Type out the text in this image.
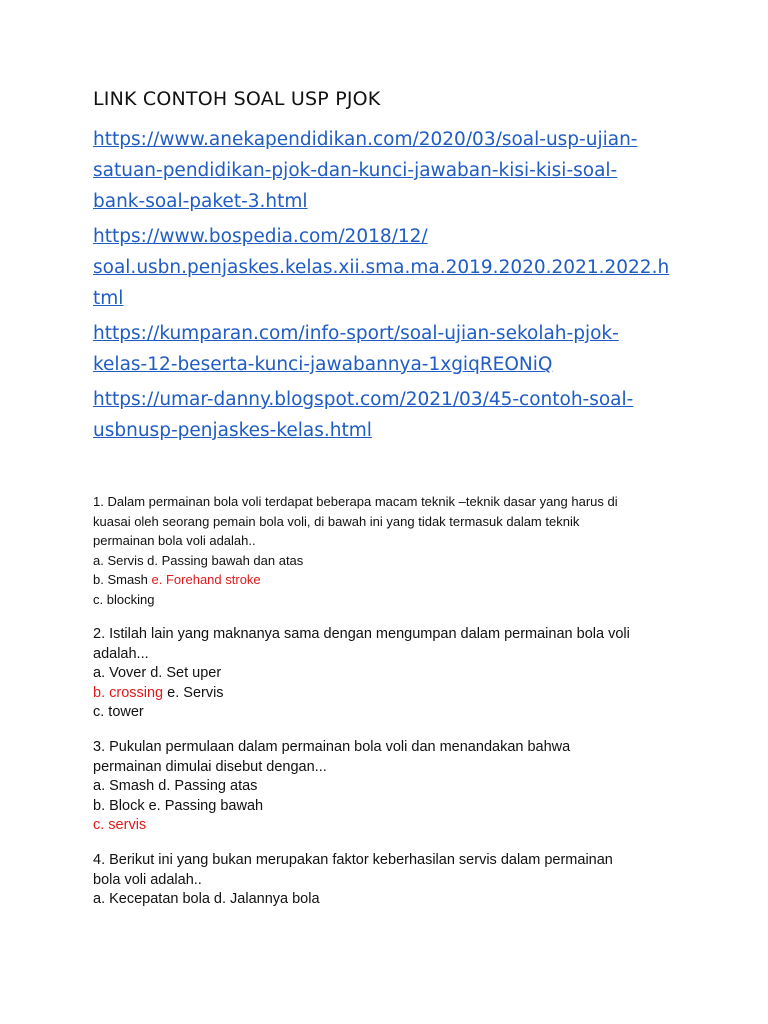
LINK CONTOH SOAL USP PJOK
https://www.anekapendidikan.com/2020/03/soal-usp-ujian-
satuan-pendidikan-pjok-dan-kunci-jawaban-kisi-kisi-soal-
bank-soal-paket-3.html
https://www.bospedia.com/2018/12/
soal.usbn.penjaskes.kelas.xii.sma.ma.2019.2020.2021.2022.h
tml
https://kumparan.com/info-sport/soal-ujian-sekolah-pjok-
kelas-12-beserta-kunci-jawabannya-1xgiqREONiQ
https://umar-danny.blogspot.com/2021/03/45-contoh-soal-
usbnusp-penjaskes-kelas.html
1. Dalam permainan bola voli terdapat beberapa macam teknik –teknik dasar yang harus di
kuasai oleh seorang pemain bola voli, di bawah ini yang tidak termasuk dalam teknik
permainan bola voli adalah..
a. Servis d. Passing bawah dan atas
b. Smash e. Forehand stroke
c. blocking
2. Istilah lain yang maknanya sama dengan mengumpan dalam permainan bola voli
adalah...
a. Vover d. Set uper
b. crossing e. Servis
c. tower
3. Pukulan permulaan dalam permainan bola voli dan menandakan bahwa
permainan dimulai disebut dengan...
a. Smash d. Passing atas
b. Block e. Passing bawah
c. servis
4. Berikut ini yang bukan merupakan faktor keberhasilan servis dalam permainan
bola voli adalah..
a. Kecepatan bola d. Jalannya bola
